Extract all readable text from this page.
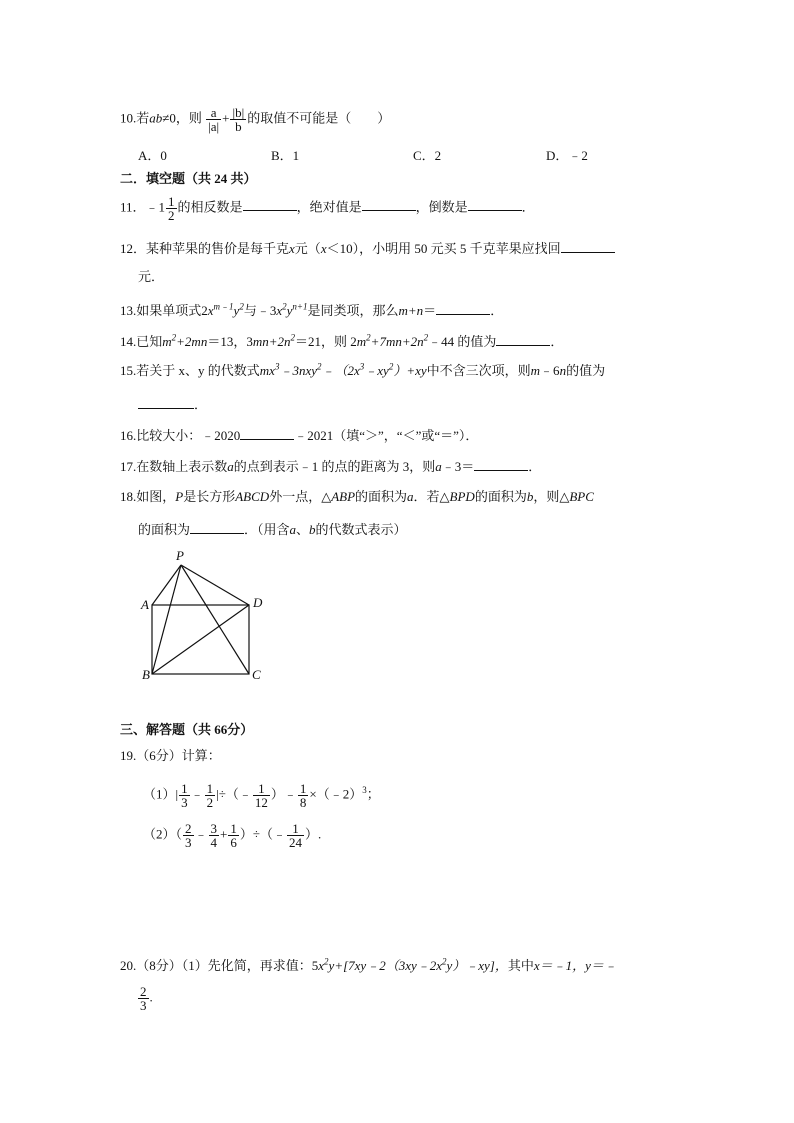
10.若ab≠0，则 $\frac{a}{|a|} + \frac{|b|}{b}$ 的取值不可能是（　　）
A．0	B．1	C．2	D．﹣2
二．填空题（共 24 共）
11．﹣1 $\frac{1}{2}$ 的相反数是	，绝对值是	，倒数是	．
12．某种苹果的售价是每千克x元（x＜10），小明用 50 元买 5 千克苹果应找回
元．
13.如果单项式$2x^{m﹣1}y^2$与$﹣3x^2y^{n+1}$是同类项，那么m+n＝	．
14.已知$m^2+2mn=13$，$3mn+2n^2=21$，则 $2m^2+7mn+2n^2﹣44$ 的值为	．
15.若关于 x、y 的代数式$mx^3﹣3nxy^2﹣(2x^3﹣xy^2)+xy$中不含三次项，则m﹣6n的值为
．
16.比较大小：﹣2020	﹣2021（填“＞”，“＜”或“＝”）．
17.在数轴上表示数a的点到表示﹣1 的点的距离为 3，则a﹣3＝	．
18.如图，P是长方形ABCD外一点，△ABP的面积为a．若△BPD的面积为b，则△BPC
的面积为	．（用含a、b的代数式表示）
P
A	D
B	C
三、解答题（共 66分）
19.（6分）计算：
$(1)| \frac{1}{3}$ ﹣ $\frac{1}{2}$ |÷（﹣ $\frac{1}{12}$ ）﹣ $\frac{1}{8}$ ×（﹣2）$^3$；
$(2)( \frac{2}{3}$ ﹣ $\frac{3}{4} + \frac{1}{6}$ ）÷（﹣ $\frac{1}{24}$ ）.
20.（8分）（1）先化简，再求值：$5x^2y+[7xy﹣2(3xy﹣2x^2y)﹣xy]$，其中x＝﹣1，y＝﹣
$\frac{2}{3}$ .
